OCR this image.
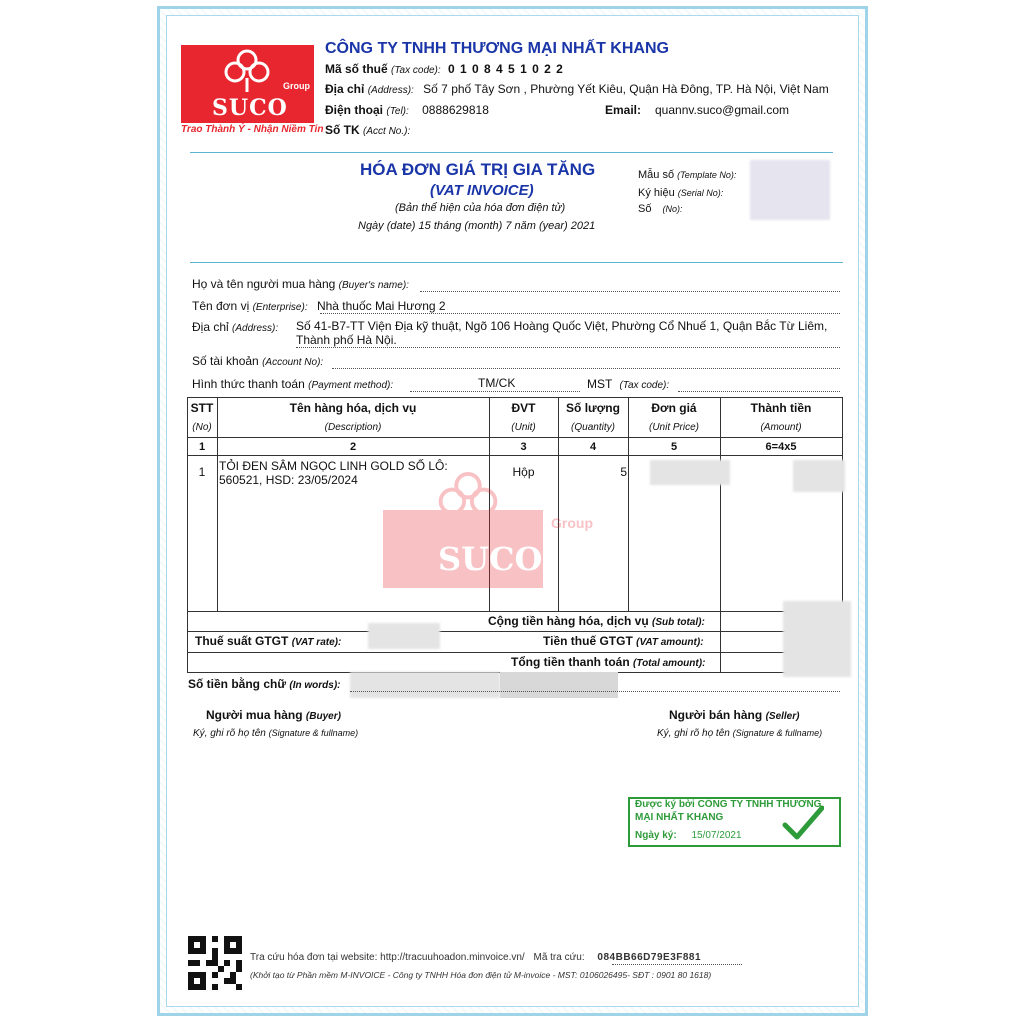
SUCO
Group
Trao Thành Ý - Nhận Niềm Tin
CÔNG TY TNHH THƯƠNG MẠI NHẤT KHANG
Mã số thuế (Tax code): 0 1 0 8 4 5 1 0 2 2
Địa chỉ (Address): Số 7 phố Tây Sơn , Phường Yết Kiêu, Quận Hà Đông, TP. Hà Nội, Việt Nam
Điện thoại (Tel): 0888629818	Email: quannv.suco@gmail.com
Số TK (Acct No.):
HÓA ĐƠN GIÁ TRỊ GIA TĂNG
(VAT INVOICE)
(Bản thể hiện của hóa đơn điện tử)
Ngày (date) 15 tháng (month) 7 năm (year) 2021
Mẫu số (Template No):
Ký hiệu (Serial No):
Số (No):
Họ và tên người mua hàng (Buyer's name):
Tên đơn vị (Enterprise): Nhà thuốc Mai Hương 2
Địa chỉ (Address): Số 41-B7-TT Viện Địa kỹ thuật, Ngõ 106 Hoàng Quốc Việt, Phường Cổ Nhuế 1, Quận Bắc Từ Liêm,
Thành phố Hà Nội.
Số tài khoản (Account No):
Hình thức thanh toán (Payment method):	TM/CK	MST (Tax code):
SUCO
Group
STT	Tên hàng hóa, dịch vụ	ĐVT	Số lượng	Đơn giá	Thành tiền
(No)	(Description)	(Unit)	(Quantity)	(Unit Price)	(Amount)
1	2	3	4	5	6=4x5
1	TỎI ĐEN SÂM NGỌC LINH GOLD SỐ LÔ:
560521, HSD: 23/05/2024
Hộp	5
Cộng tiền hàng hóa, dịch vụ (Sub total):
Thuế suất GTGT (VAT rate):	Tiền thuế GTGT (VAT amount):
Tổng tiền thanh toán (Total amount):
Số tiền bằng chữ (In words):
Người mua hàng (Buyer)
Ký, ghi rõ họ tên (Signature & fullname)
Người bán hàng (Seller)
Ký, ghi rõ họ tên (Signature & fullname)
Được ký bởi CÔNG TY TNHH THƯƠNG
MẠI NHẤT KHANG
Ngày ký: 15/07/2021
Tra cứu hóa đơn tại website: http://tracuuhoadon.minvoice.vn/ Mã tra cứu: 084BB66D79E3F881
(Khởi tạo từ Phần mềm M-INVOICE - Công ty TNHH Hóa đơn điện tử M-invoice - MST: 0106026495- SĐT : 0901 80 1618)
